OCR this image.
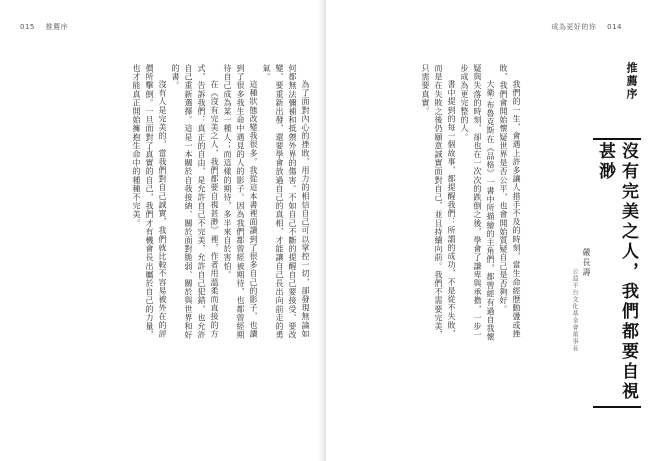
015 推薦序

為了面對內心的挫敗，用力的相信自己可以掌控一切，卻發現無論如何都無法彌補和抵禦外界的傷害。不如自己不斷的提醒自己要接受、要改變、要重新出發，還要學會放過自己的真相，才能讓自己長出向前走的勇氣。

這種狀態改變我很多。我從這本書裡面讀到了很多自己的影子，也讀到了很多我生命中遇見的人的影子。因為我們都曾經被期待，也都曾經期待自己成為某一種人；而這樣的期待，多半來自於害怕。

在《沒有完美之人，我們都要自視甚渺》裡，作者用溫柔而直接的方式，告訴我們：真正的自由，是允許自己不完美，允許自己犯錯，也允許自己重新選擇。這是一本關於自我接納、關於面對脆弱、關於與世界和好的書。

沒有人是完美的，當我們對自己誠實，我們就比較不容易被外在的評價所擊倒。一旦面對了真實的自己，我們才有機會長出屬於自己的力量，也才能真正開始擁抱生命中的種種不完美。

成為更好的你 014

我們的一生，會遇上許多讓人措手不及的時刻，當生命經歷動盪或挫敗，我們會開始懷疑世界是否公平，也會開始質疑自己是否夠好。

大衛·布魯克斯在《品格》一書中所描繪的主角們，都曾經有過自我懷疑與失落的時刻，卻也在一次次的跌倒之後，學會了謙卑與承擔，一步一步成為更完整的人。

書中提到的每一個故事，都提醒我們：所謂的成功，不是從不失敗，而是在失敗之後仍願意誠實面對自己，並且持續向前。我們不需要完美，只需要真實。	推薦序
沒有完美之人，我們都要自視甚渺
嚴長壽
公益平台文化基金會董事長
